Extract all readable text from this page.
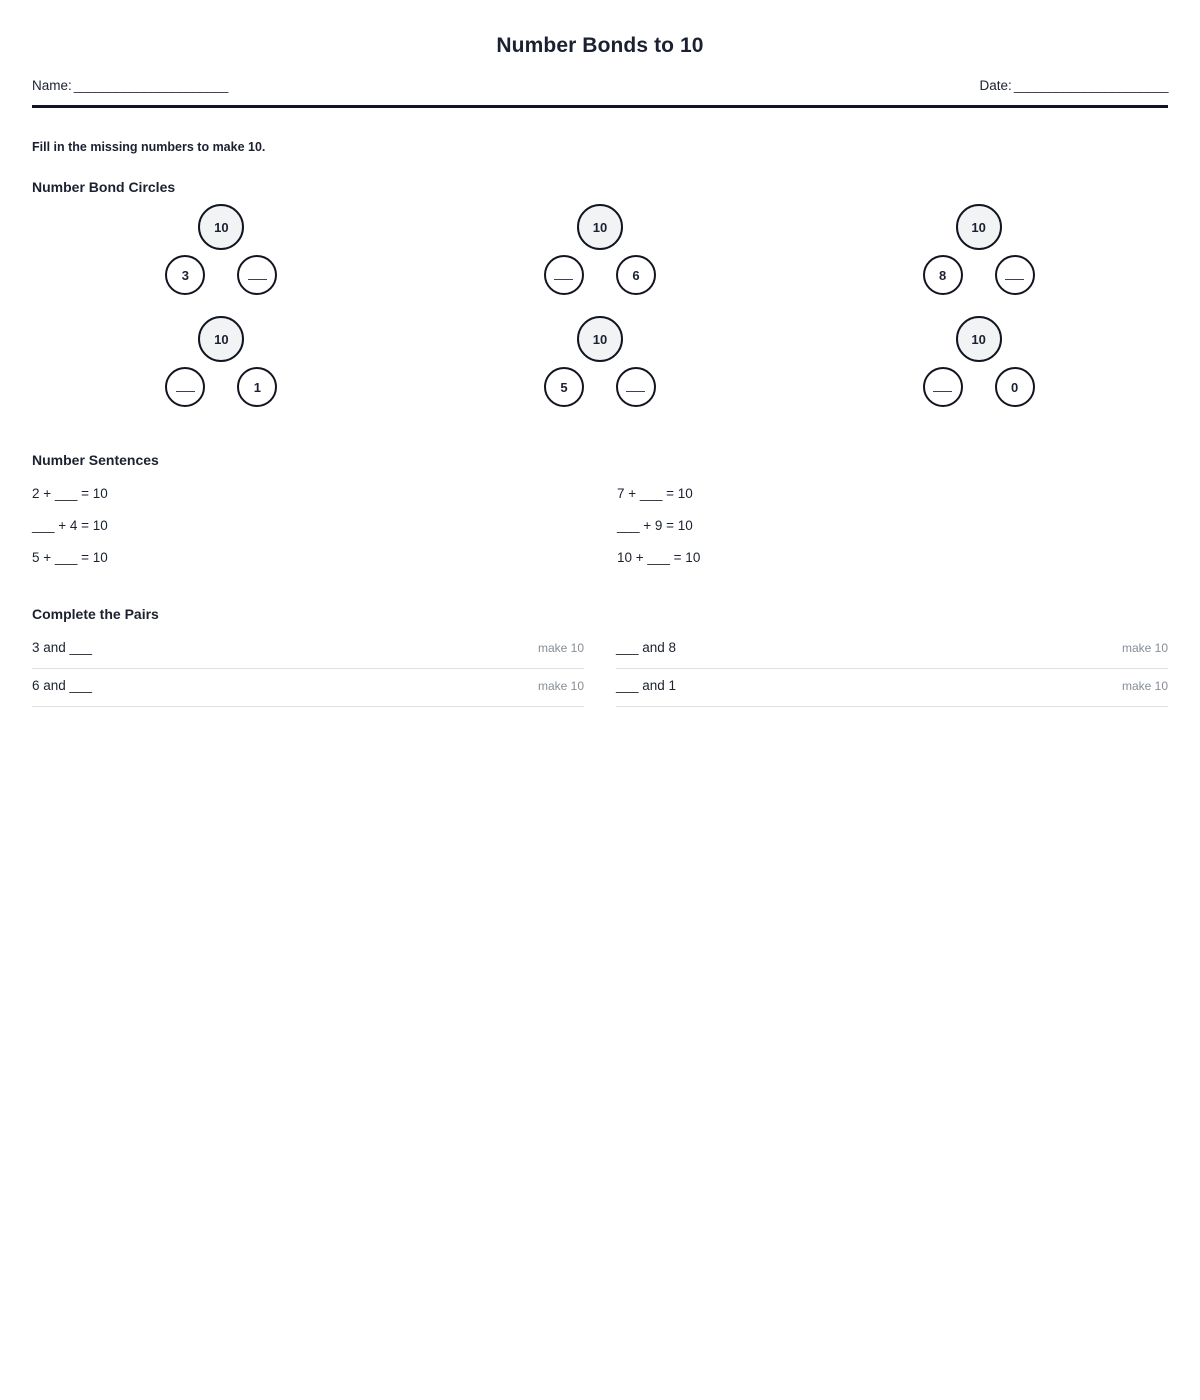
Number Bonds to 10
Name: ______________________	Date: ______________________
Fill in the missing numbers to make 10.
Number Bond Circles
10
3
10
6
10
8
10
1
10
5
10
0
Number Sentences
2 + ___ = 10
___ + 4 = 10
5 + ___ = 10
7 + ___ = 10
___ + 9 = 10
10 + ___ = 10
Complete the Pairs
3 and ___	make 10
6 and ___	make 10
___ and 8	make 10
___ and 1	make 10
